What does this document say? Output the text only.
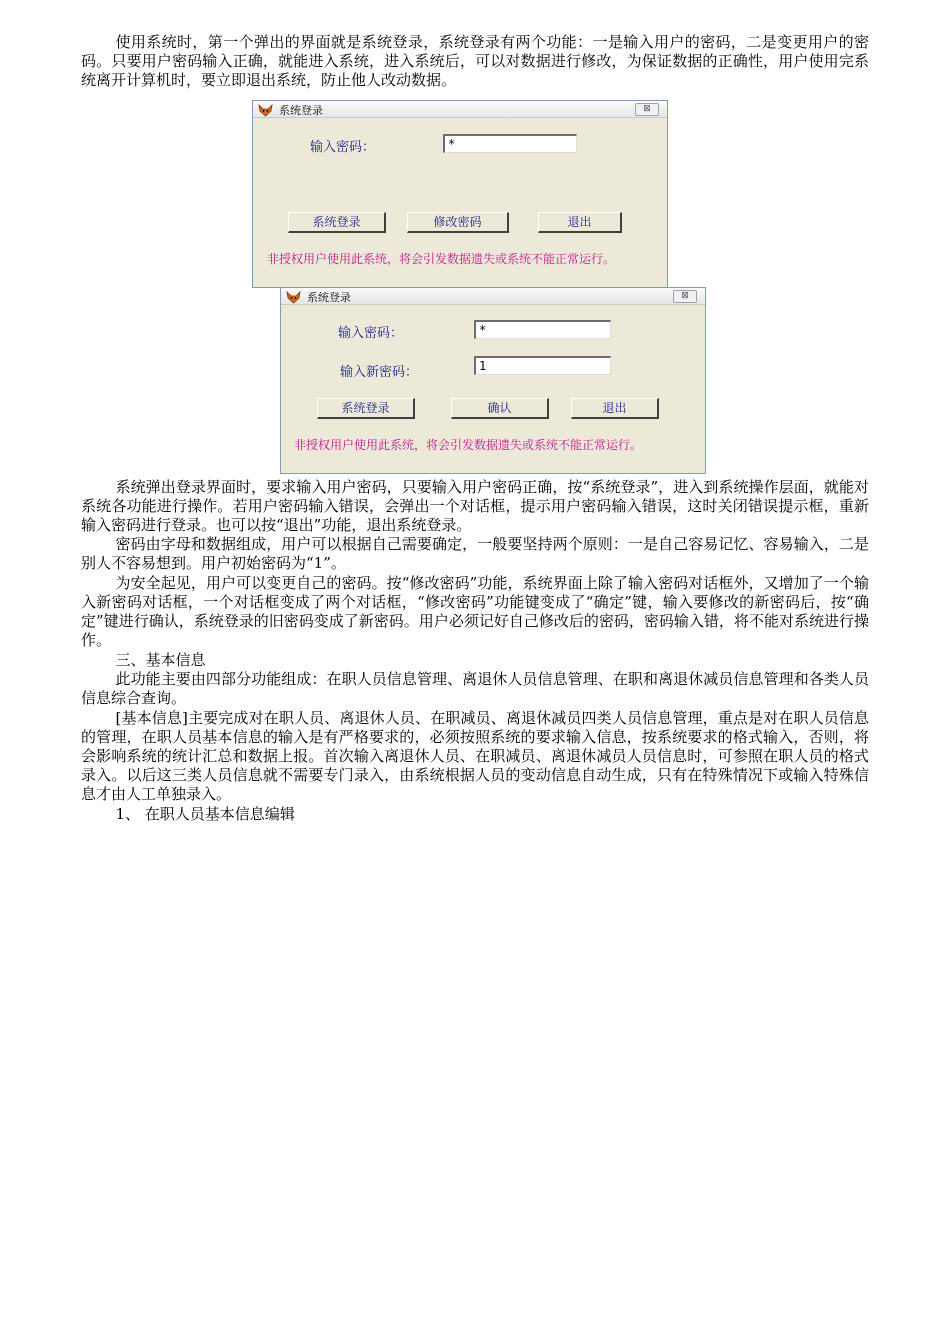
使用系统时，第一个弹出的界面就是系统登录，系统登录有两个功能：一是输入用户的密码，二是变更用户的密码。只要用户密码输入正确，就能进入系统，进入系统后，可以对数据进行修改，为保证数据的正确性，用户使用完系统离开计算机时，要立即退出系统，防止他人改动数据。

系统登录	⊠
输入密码：	*
系统登录	修改密码	退出
非授权用户使用此系统，将会引发数据遗失或系统不能正常运行。
系统登录	⊠
输入密码：	*
输入新密码：	1
系统登录	确认	退出
非授权用户使用此系统，将会引发数据遗失或系统不能正常运行。

系统弹出登录界面时，要求输入用户密码，只要输入用户密码正确，按“系统登录”，进入到系统操作层面，就能对系统各功能进行操作。若用户密码输入错误，会弹出一个对话框，提示用户密码输入错误，这时关闭错误提示框，重新输入密码进行登录。也可以按“退出”功能，退出系统登录。

密码由字母和数据组成，用户可以根据自己需要确定，一般要坚持两个原则：一是自己容易记忆、容易输入，二是别人不容易想到。用户初始密码为“1”。

为安全起见，用户可以变更自己的密码。按“修改密码”功能，系统界面上除了输入密码对话框外，又增加了一个输入新密码对话框，一个对话框变成了两个对话框，“修改密码”功能键变成了“确定”键，输入要修改的新密码后，按“确定”键进行确认，系统登录的旧密码变成了新密码。用户必须记好自己修改后的密码，密码输入错，将不能对系统进行操作。

三、基本信息

此功能主要由四部分功能组成：在职人员信息管理、离退休人员信息管理、在职和离退休减员信息管理和各类人员信息综合查询。

[基本信息]主要完成对在职人员、离退休人员、在职减员、离退休减员四类人员信息管理，重点是对在职人员信息的管理，在职人员基本信息的输入是有严格要求的，必须按照系统的要求输入信息，按系统要求的格式输入，否则，将会影响系统的统计汇总和数据上报。首次输入离退休人员、在职减员、离退休减员人员信息时，可参照在职人员的格式录入。以后这三类人员信息就不需要专门录入，由系统根据人员的变动信息自动生成，只有在特殊情况下或输入特殊信息才由人工单独录入。

1、 在职人员基本信息编辑
